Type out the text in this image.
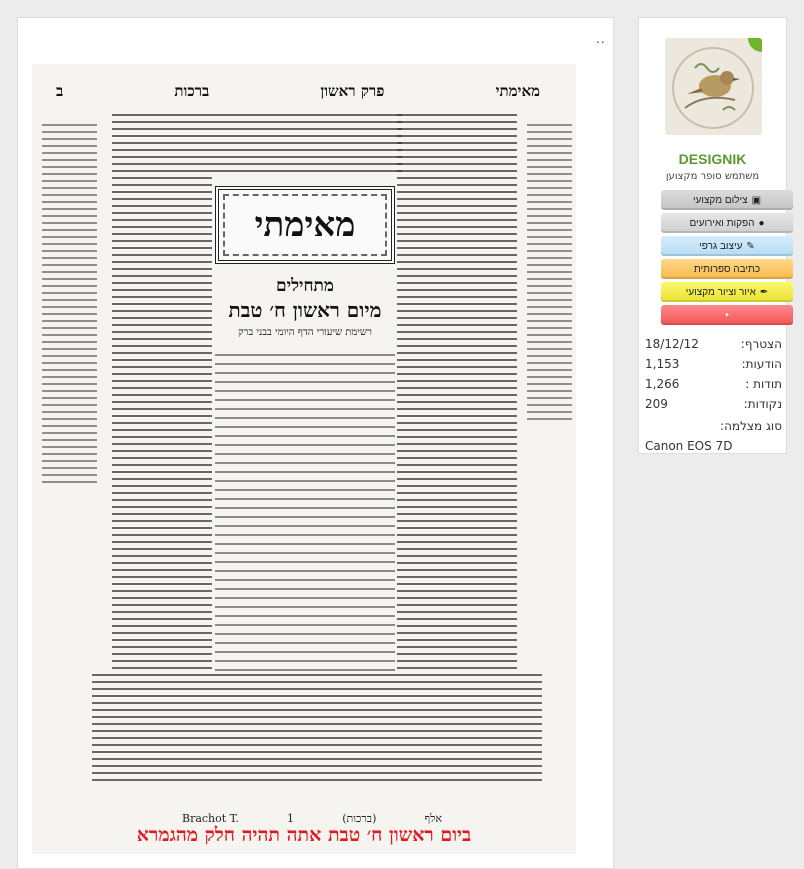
..
מאימתי
פרק ראשון
ברכות
ב
מאימתי
מתחילים
מיום ראשון ח׳ טבת
רשימת שיעורי הדף היומי בבני ברק
Brachot T.	1	(ברכות)	אלף
ביום ראשון ח׳ טבת אתה תהיה חלק מהגמרא
DESIGNIK
משתמש סופר מקצוען
▣
צילום מקצועי
●
הפקות ואירועים
✎
עיצוב גרפי
כתיבה ספרותית
✒
איור וציור מקצועי
•
הצטרף:
18/12/12
הודעות:
1,153
תודות :
1,266
נקודות:
209
סוג מצלמה:
Canon EOS 7D
